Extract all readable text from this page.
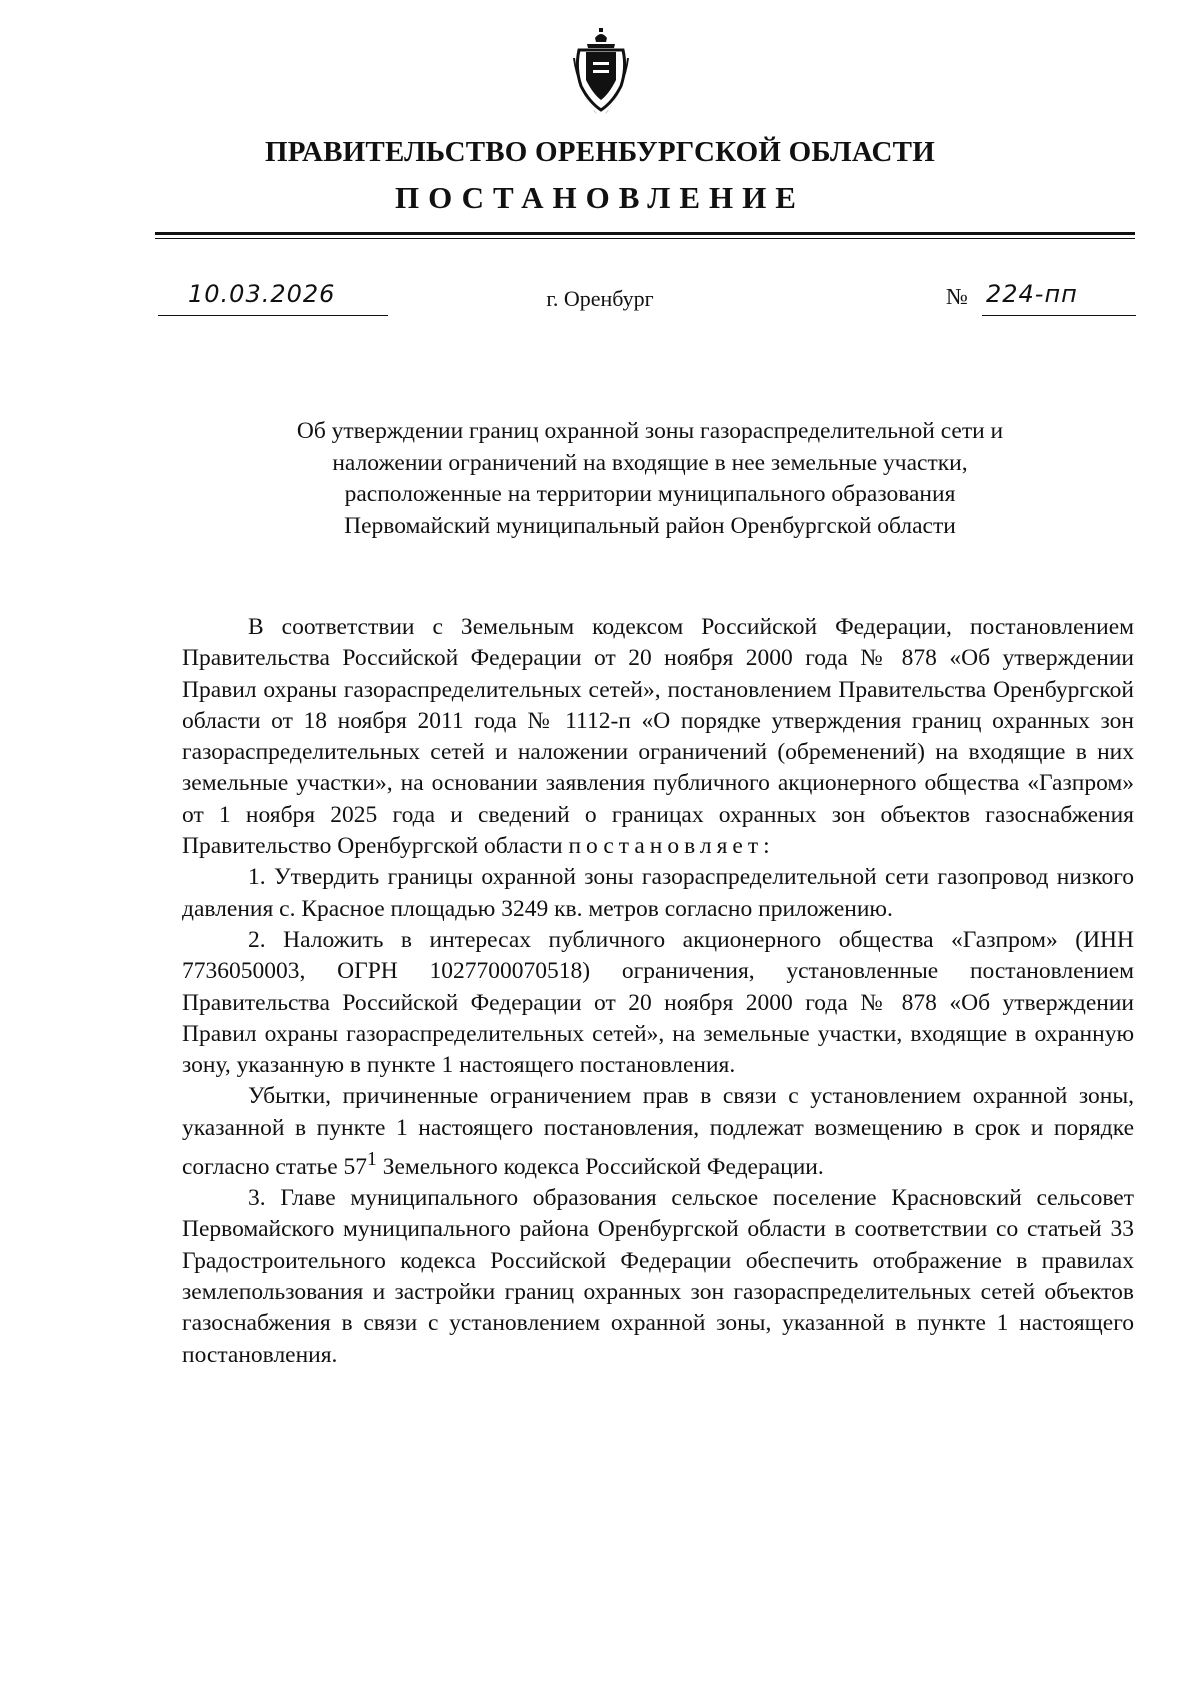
ПРАВИТЕЛЬСТВО ОРЕНБУРГСКОЙ ОБЛАСТИ
ПОСТАНОВЛЕНИЕ
10.03.2026	г. Оренбург	№ 224-пп
Об утверждении границ охранной зоны газораспределительной сети и
наложении ограничений на входящие в нее земельные участки,
расположенные на территории муниципального образования
Первомайский муниципальный район Оренбургской области

В соответствии с Земельным кодексом Российской Федерации, постановлением Правительства Российской Федерации от 20 ноября 2000 года № 878 «Об утверждении Правил охраны газораспределительных сетей», постановлением Правительства Оренбургской области от 18 ноября 2011 года № 1112-п «О порядке утверждения границ охранных зон газораспределительных сетей и наложении ограничений (обременений) на входящие в них земельные участки», на основании заявления публичного акционерного общества «Газпром» от 1 ноября 2025 года и сведений о границах охранных зон объектов газоснабжения Правительство Оренбургской области постановляет:

1. Утвердить границы охранной зоны газораспределительной сети газопровод низкого давления с. Красное площадью 3249 кв. метров согласно приложению.

2. Наложить в интересах публичного акционерного общества «Газпром» (ИНН 7736050003, ОГРН 1027700070518) ограничения, установленные постановлением Правительства Российской Федерации от 20 ноября 2000 года № 878 «Об утверждении Правил охраны газораспределительных сетей», на земельные участки, входящие в охранную зону, указанную в пункте 1 настоящего постановления.

Убытки, причиненные ограничением прав в связи с установлением охранной зоны, указанной в пункте 1 настоящего постановления, подлежат возмещению в срок и порядке согласно статье $57^1$ Земельного кодекса Российской Федерации.

3. Главе муниципального образования сельское поселение Красновский сельсовет Первомайского муниципального района Оренбургской области в соответствии со статьей 33 Градостроительного кодекса Российской Федерации обеспечить отображение в правилах землепользования и застройки границ охранных зон газораспределительных сетей объектов газоснабжения в связи с установлением охранной зоны, указанной в пункте 1 настоящего постановления.
